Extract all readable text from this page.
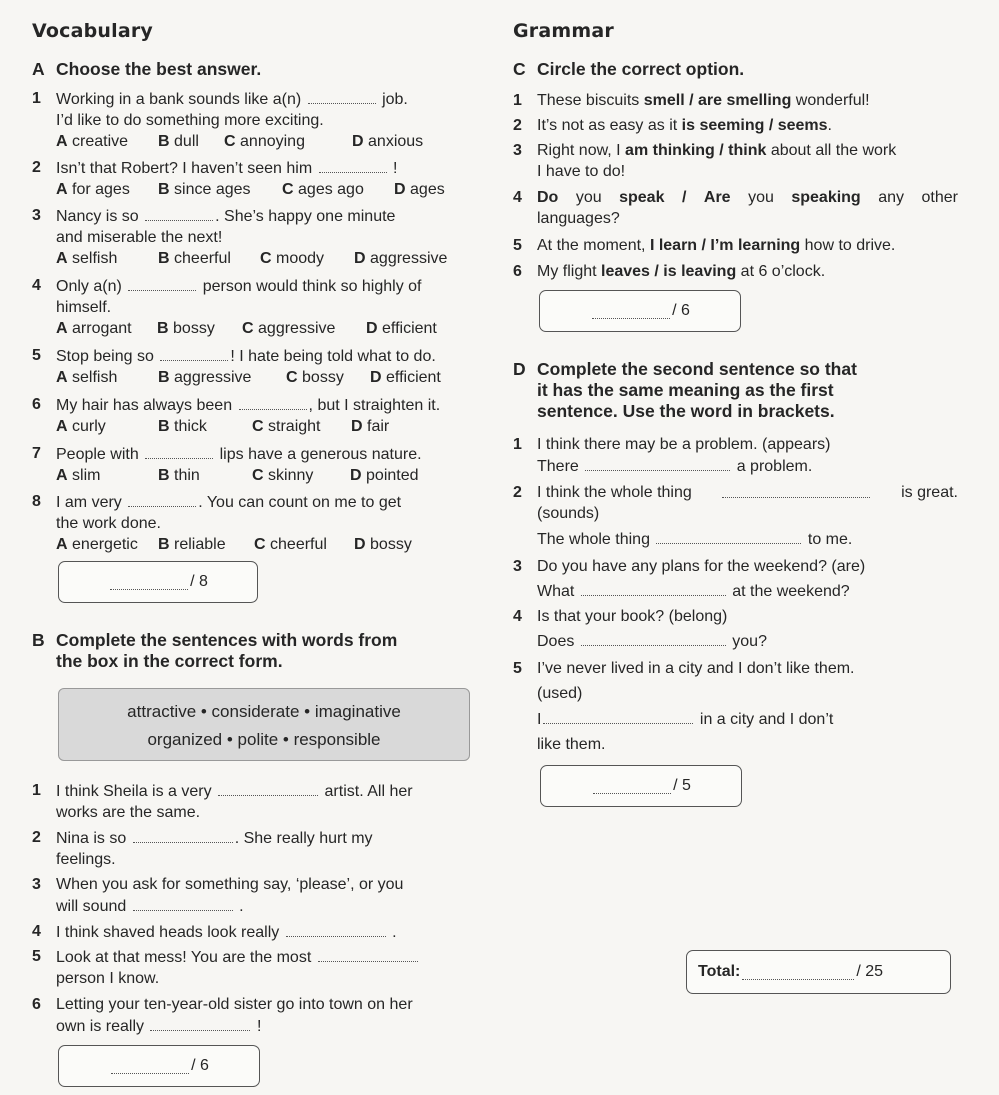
Vocabulary
A Choose the best answer.
1 Working in a bank sounds like a(n)	job.
I’d like to do something more exciting.
A creative B dull C annoying	D anxious
2 Isn’t that Robert? I haven’t seen him	!
A for ages B since ages C ages ago D ages
3 Nancy is so	. She’s happy one minute
and miserable the next!
A selfish	B cheerful C moody D aggressive
4 Only a(n)	person would think so highly of
himself.
A arrogant B bossy C aggressive D efficient
5 Stop being so	! I hate being told what to do.
A selfish	B aggressive C bossy D efficient
6 My hair has always been	, but I straighten it.
A curly	B thick	C straight D fair
7 People with	lips have a generous nature.
A slim	B thin	C skinny D pointed
8 I am very	. You can count on me to get
the work done.
A energetic B reliable C cheerful D bossy
/ 8
B Complete the sentences with words from
the box in the correct form.
attractive • considerate • imaginative
organized • polite • responsible
1 I think Sheila is a very	artist. All her
works are the same.
2 Nina is so	. She really hurt my
feelings.
3 When you ask for something say, ‘please’, or you
will sound	.
4 I think shaved heads look really	.
5 Look at that mess! You are the most
person I know.
6 Letting your ten-year-old sister go into town on her
own is really	!
/ 6
Grammar
C Circle the correct option.
1 These biscuits smell / are smelling wonderful!
2 It’s not as easy as it is seeming / seems.
3 Right now, I am thinking / think about all the work
I have to do!
4 Do you speak / Are you speaking any other
languages?
5 At the moment, I learn / I’m learning how to drive.
6 My flight leaves / is leaving at 6 o’clock.
/ 6
D Complete the second sentence so that
it has the same meaning as the first
sentence. Use the word in brackets.
1 I think there may be a problem. (appears)
There	a problem.
2 I think the whole thing	is great.
(sounds)
The whole thing	to me.
3 Do you have any plans for the weekend? (are)
What	at the weekend?
4 Is that your book? (belong)
Does	you?
5 I’ve never lived in a city and I don’t like them.
(used)
I	in a city and I don’t
like them.
/ 5
Total:	/ 25
